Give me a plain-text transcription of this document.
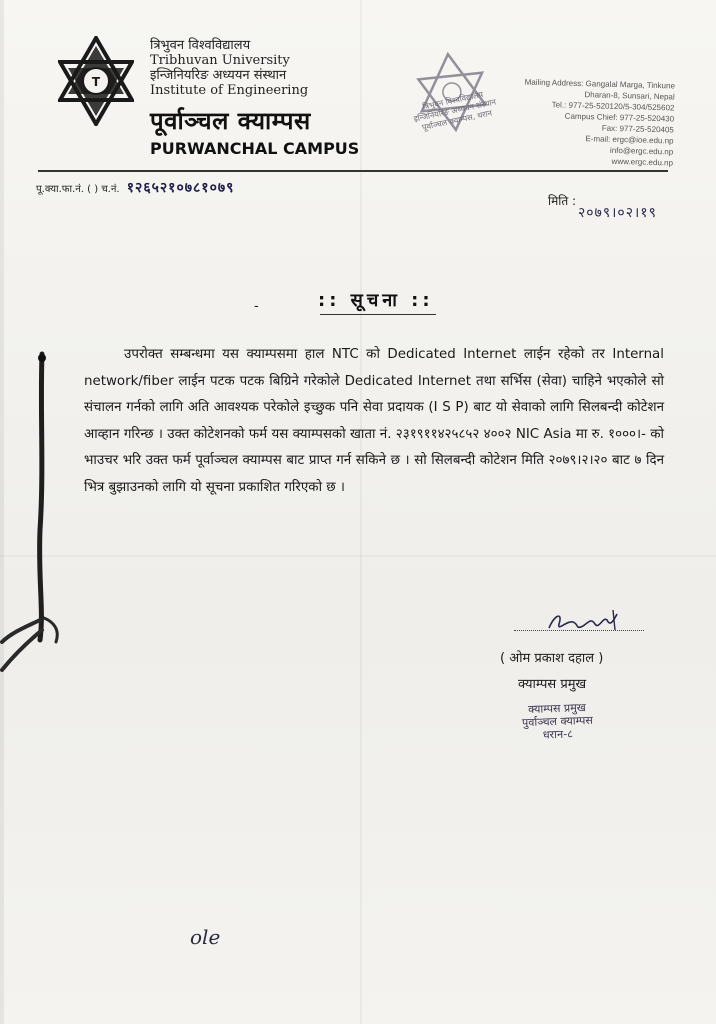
T
त्रिभुवन विश्वविद्यालय
Tribhuvan University
इन्जिनियरिङ अध्ययन संस्थान
Institute of Engineering
पूर्वाञ्चल क्याम्पस
PURWANCHAL CAMPUS
त्रिभुवन विश्वविद्यालय इन्जिनियरिङ अध्ययन संस्थान पूर्वाञ्चल क्याम्पस, धरान
Mailing Address: Gangalal Marga, Tinkune
Dharan-8, Sunsari, Nepal
Tel.: 977-25-520120/5-304/525602
Campus Chief: 977-25-520430
Fax: 977-25-520405
E-mail: ergc@ioe.edu.np
info@ergc.edu.np
www.ergc.edu.np
पू.क्या.फा.नं. ( ) च.नं. १२६५२१०७८१०७९
मिति :
२०७९।०२।१९
-	:: सूचना ::

उपरोक्त सम्बन्धमा यस क्याम्पसमा हाल NTC को Dedicated Internet लाईन रहेको तर Internal network/fiber लाईन पटक पटक बिग्रिने गरेकोले Dedicated Internet तथा सर्भिस (सेवा) चाहिने भएकोले सो संचालन गर्नको लागि अति आवश्यक परेकोले इच्छुक पनि सेवा प्रदायक (I S P) बाट यो सेवाको लागि सिलबन्दी कोटेशन आव्हान गरिन्छ । उक्त कोटेशनको फर्म यस क्याम्पसको खाता नं. २३१९११४२५८५२ ४००२ NIC Asia मा रु. १०००।- को भाउचर भरि उक्त फर्म पूर्वाञ्चल क्याम्पस बाट प्राप्त गर्न सकिने छ । सो सिलबन्दी कोटेशन मिति २०७९।२।२० बाट ७ दिन भित्र बुझाउनको लागि यो सूचना प्रकाशित गरिएको छ ।

( ओम प्रकाश दहाल )
क्याम्पस प्रमुख
क्याम्पस प्रमुख
पुर्वाञ्चल क्याम्पस
धरान-८
ole
